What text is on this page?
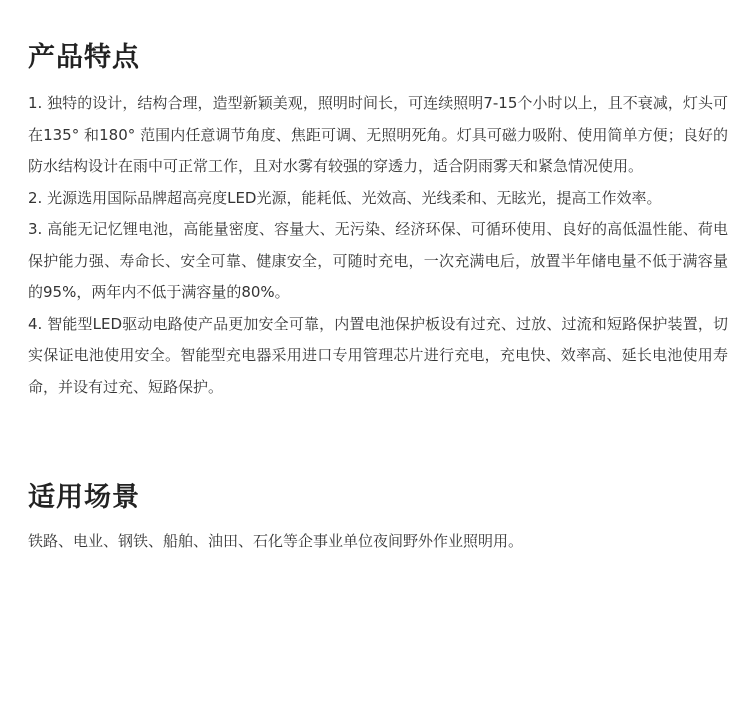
产品特点

1. 独特的设计，结构合理，造型新颖美观，照明时间长，可连续照明7-15个小时以上，且不衰减，灯头可在135° 和180° 范围内任意调节角度、焦距可调、无照明死角。灯具可磁力吸附、使用简单方便；良好的防水结构设计在雨中可正常工作，且对水雾有较强的穿透力，适合阴雨雾天和紧急情况使用。

2. 光源选用国际品牌超高亮度LED光源，能耗低、光效高、光线柔和、无眩光，提高工作效率。

3. 高能无记忆锂电池，高能量密度、容量大、无污染、经济环保、可循环使用、良好的高低温性能、荷电保护能力强、寿命长、安全可靠、健康安全，可随时充电，一次充满电后，放置半年储电量不低于满容量的95%，两年内不低于满容量的80%。

4. 智能型LED驱动电路使产品更加安全可靠，内置电池保护板设有过充、过放、过流和短路保护装置，切实保证电池使用安全。智能型充电器采用进口专用管理芯片进行充电，充电快、效率高、延长电池使用寿命，并设有过充、短路保护。

适用场景

铁路、电业、钢铁、船舶、油田、石化等企事业单位夜间野外作业照明用。
